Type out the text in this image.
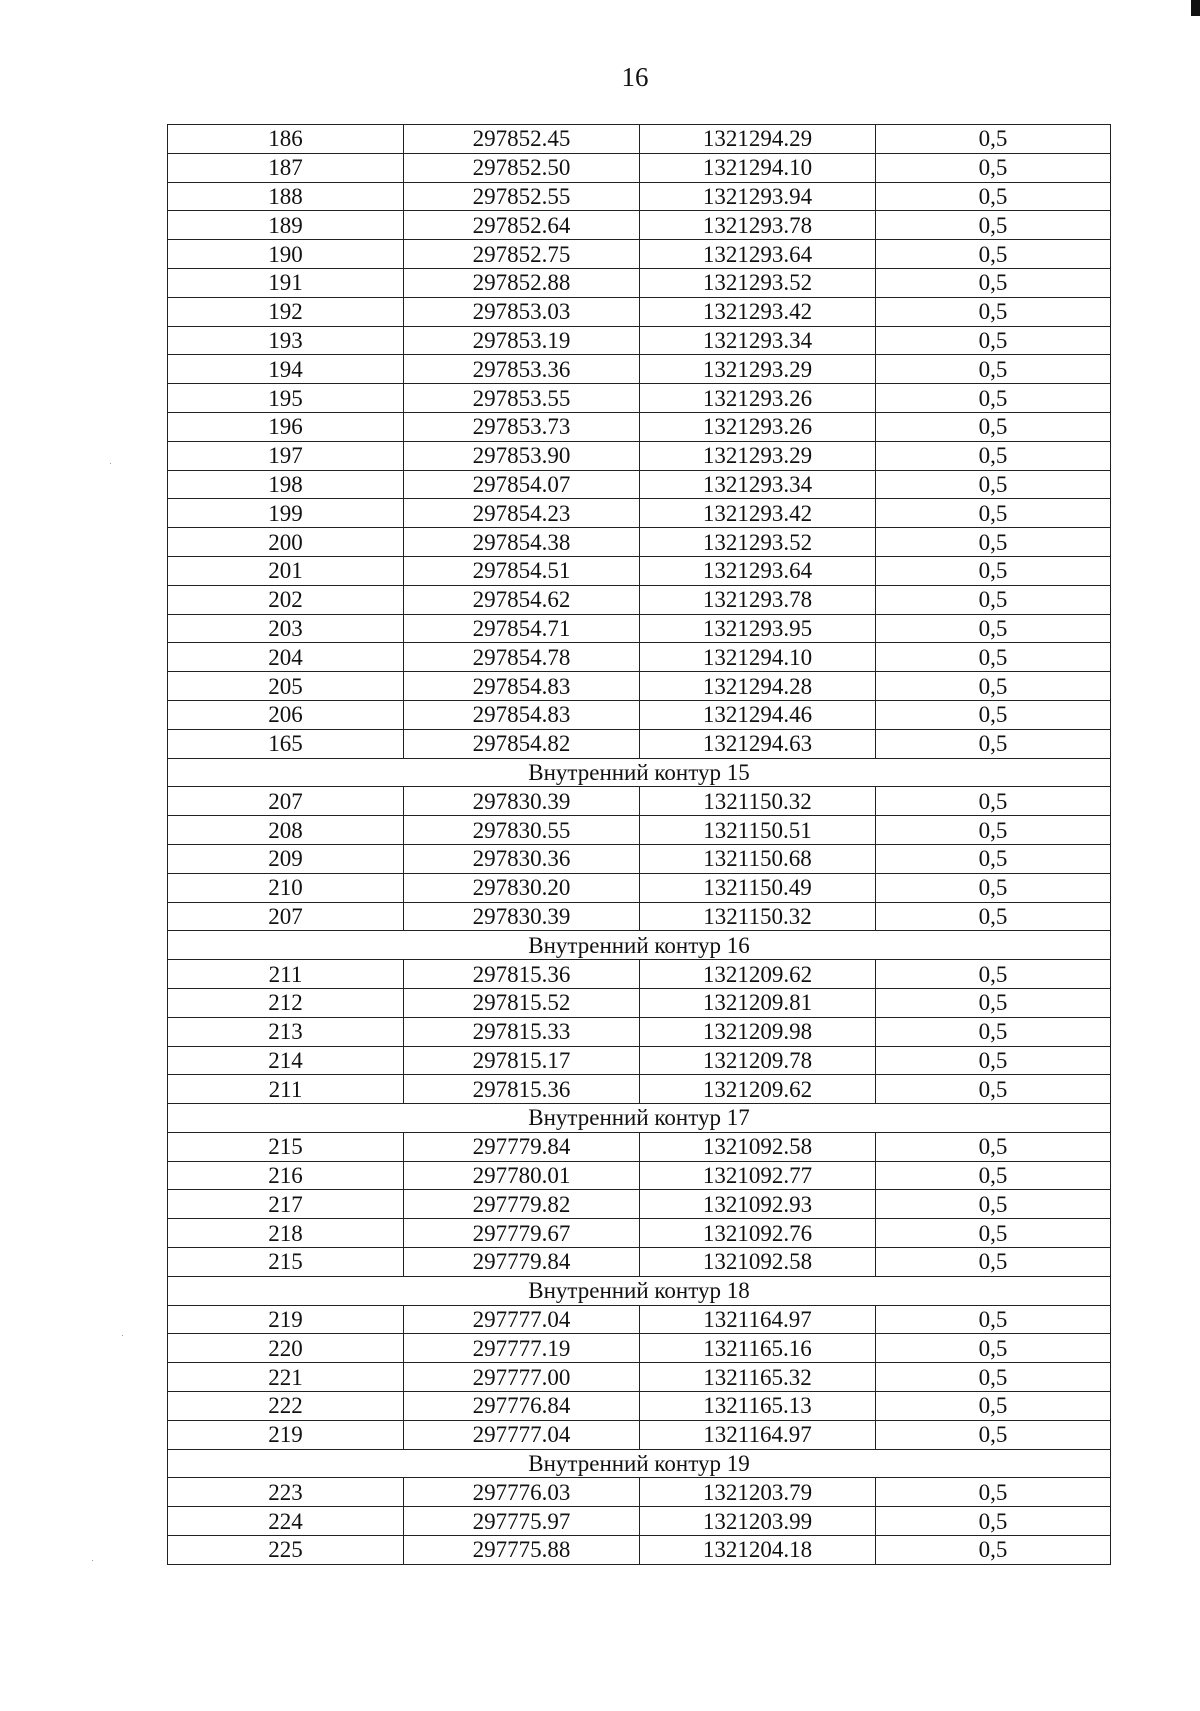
16
186	297852.45	1321294.29	0,5
187	297852.50	1321294.10	0,5
188	297852.55	1321293.94	0,5
189	297852.64	1321293.78	0,5
190	297852.75	1321293.64	0,5
191	297852.88	1321293.52	0,5
192	297853.03	1321293.42	0,5
193	297853.19	1321293.34	0,5
194	297853.36	1321293.29	0,5
195	297853.55	1321293.26	0,5
196	297853.73	1321293.26	0,5
197	297853.90	1321293.29	0,5
198	297854.07	1321293.34	0,5
199	297854.23	1321293.42	0,5
200	297854.38	1321293.52	0,5
201	297854.51	1321293.64	0,5
202	297854.62	1321293.78	0,5
203	297854.71	1321293.95	0,5
204	297854.78	1321294.10	0,5
205	297854.83	1321294.28	0,5
206	297854.83	1321294.46	0,5
165	297854.82	1321294.63	0,5
Внутренний контур 15			
207	297830.39	1321150.32	0,5
208	297830.55	1321150.51	0,5
209	297830.36	1321150.68	0,5
210	297830.20	1321150.49	0,5
207	297830.39	1321150.32	0,5
Внутренний контур 16			
211	297815.36	1321209.62	0,5
212	297815.52	1321209.81	0,5
213	297815.33	1321209.98	0,5
214	297815.17	1321209.78	0,5
211	297815.36	1321209.62	0,5
Внутренний контур 17			
215	297779.84	1321092.58	0,5
216	297780.01	1321092.77	0,5
217	297779.82	1321092.93	0,5
218	297779.67	1321092.76	0,5
215	297779.84	1321092.58	0,5
Внутренний контур 18			
219	297777.04	1321164.97	0,5
220	297777.19	1321165.16	0,5
221	297777.00	1321165.32	0,5
222	297776.84	1321165.13	0,5
219	297777.04	1321164.97	0,5
Внутренний контур 19			
223	297776.03	1321203.79	0,5
224	297775.97	1321203.99	0,5
225	297775.88	1321204.18	0,5
